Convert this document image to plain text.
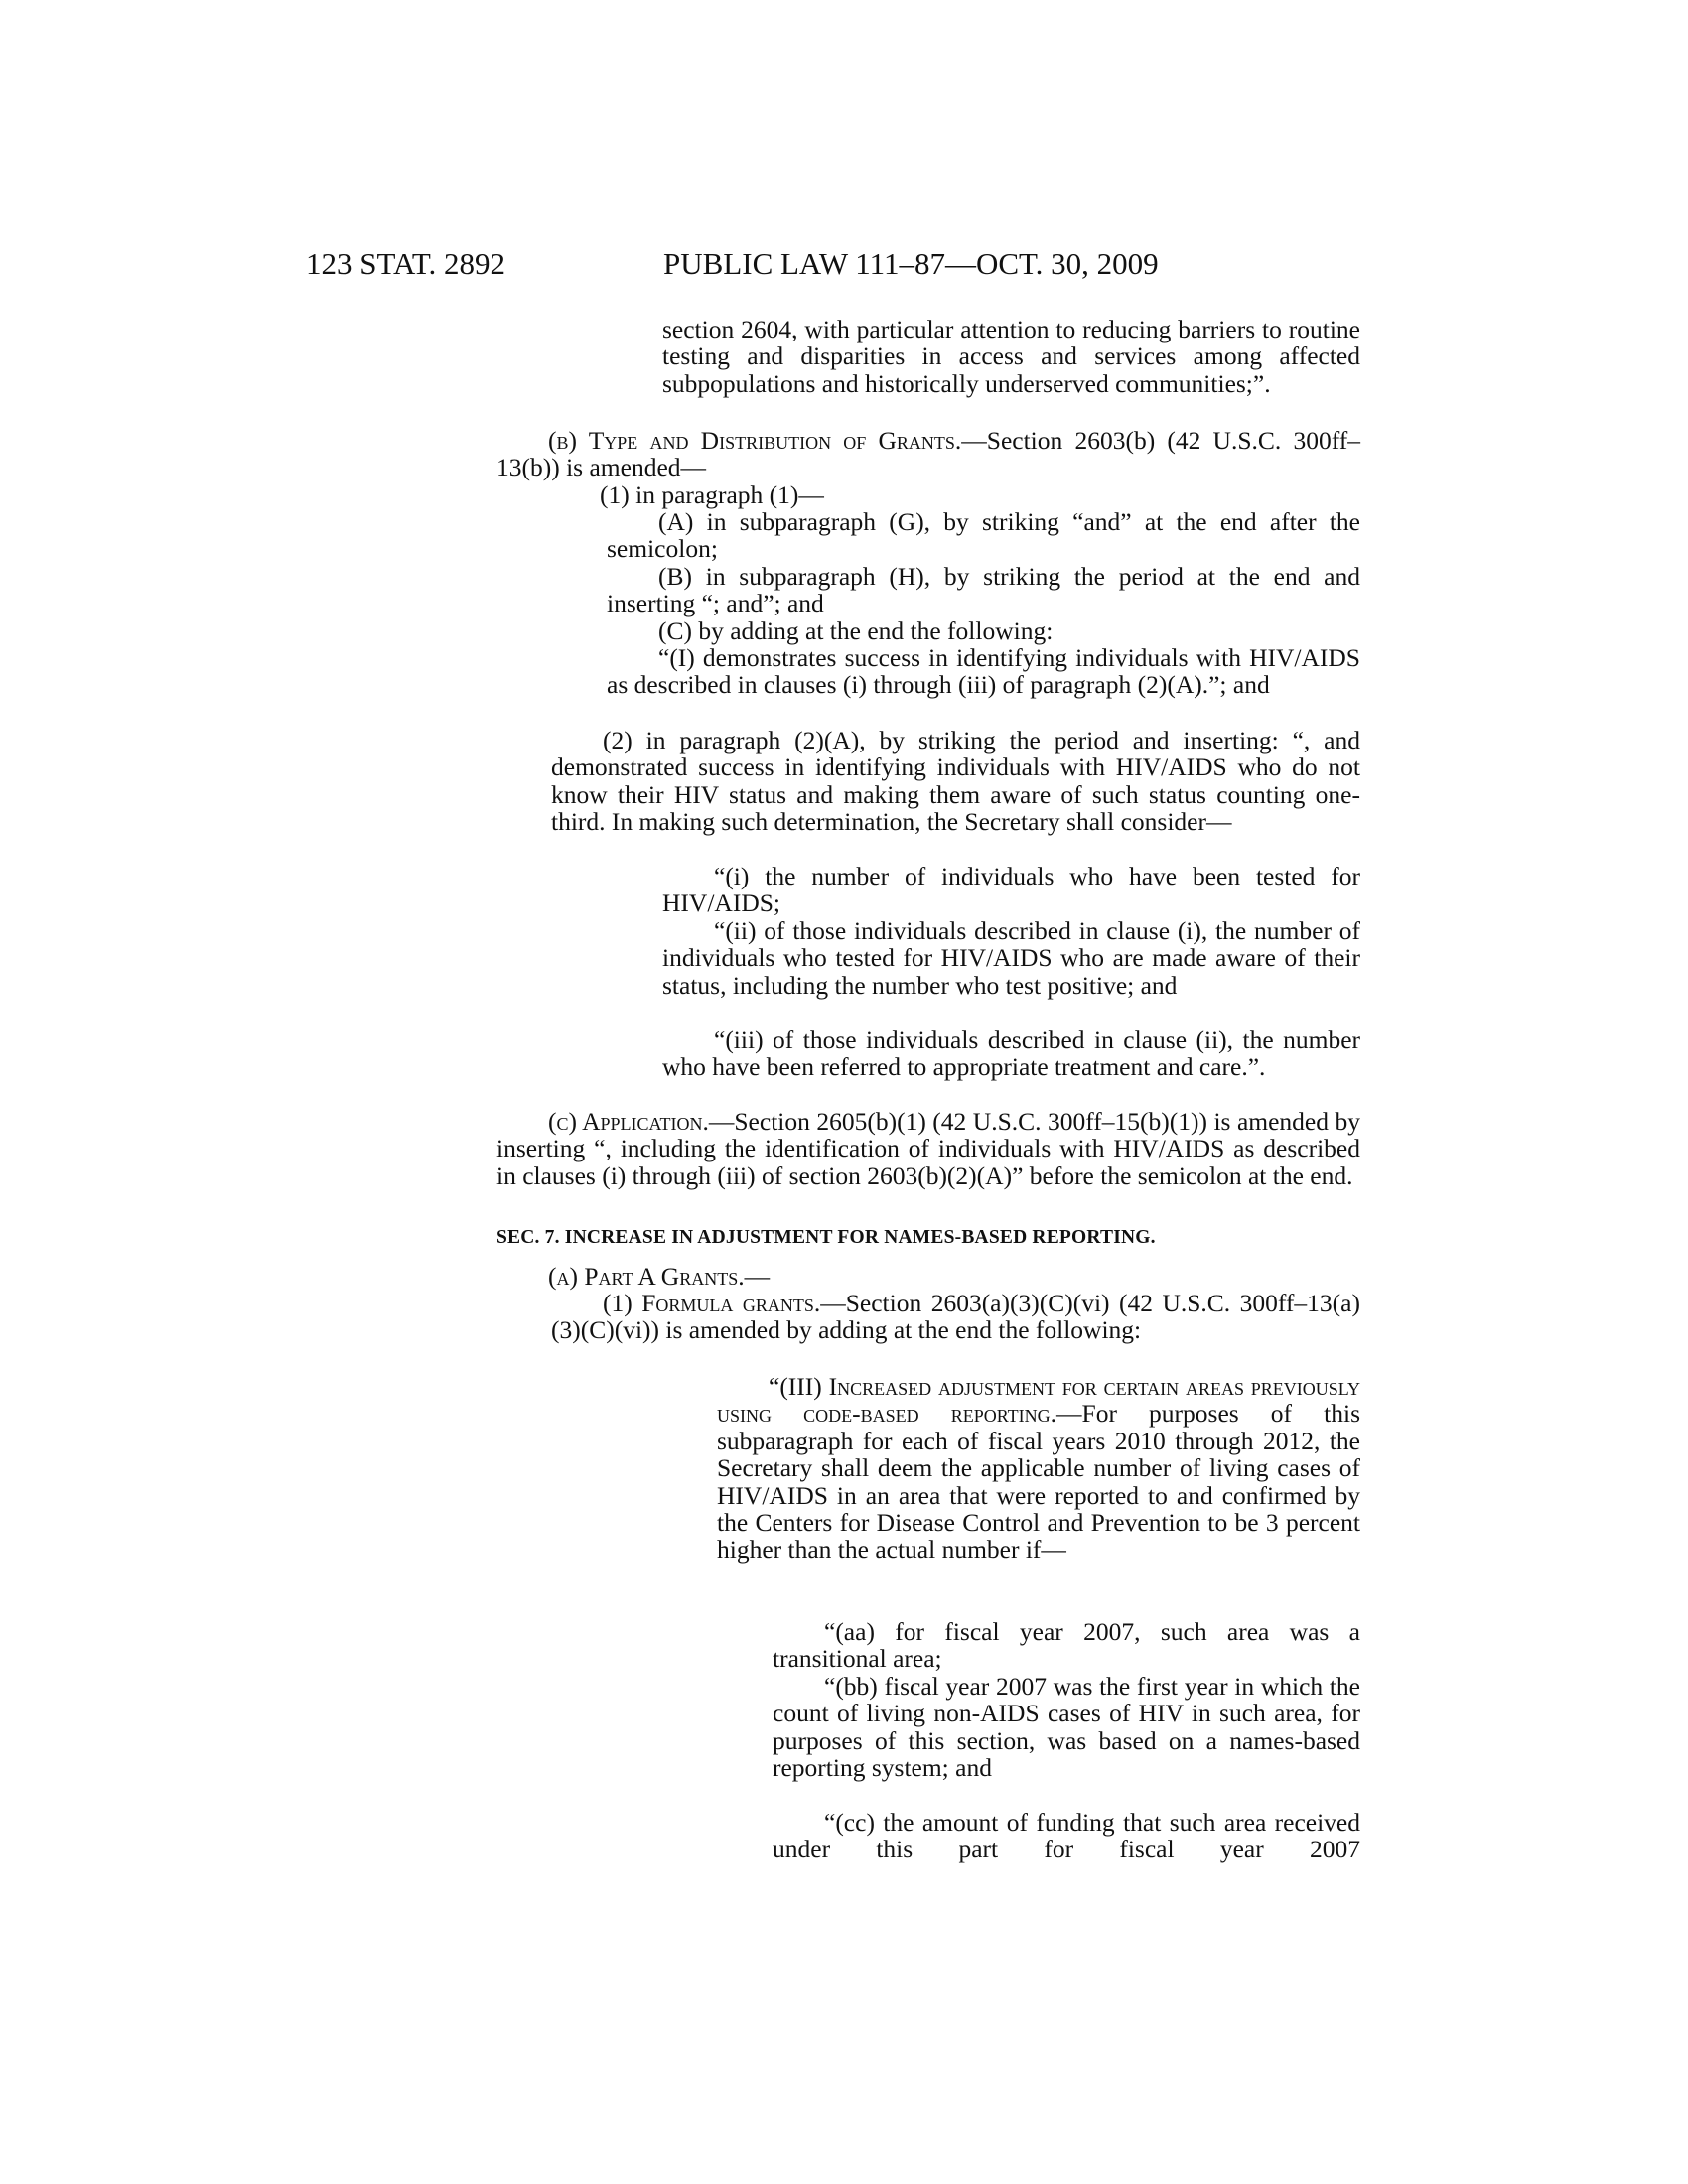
123 STAT. 2892	PUBLIC LAW 111–87—OCT. 30, 2009

section 2604, with particular attention to reducing barriers to routine testing and disparities in access and services among affected subpopulations and historically underserved communities;”.

(b) Type and Distribution of Grants.—Section 2603(b) (42 U.S.C. 300ff–13(b)) is amended—

(1) in paragraph (1)—

(A) in subparagraph (G), by striking “and” at the end after the semicolon;

(B) in subparagraph (H), by striking the period at the end and inserting “; and”; and

(C) by adding at the end the following:

“(I) demonstrates success in identifying individuals with HIV/AIDS as described in clauses (i) through (iii) of paragraph (2)(A).”; and

(2) in paragraph (2)(A), by striking the period and inserting: “, and demonstrated success in identifying individuals with HIV/AIDS who do not know their HIV status and making them aware of such status counting one-third. In making such determination, the Secretary shall consider—

“(i) the number of individuals who have been tested for HIV/AIDS;

“(ii) of those individuals described in clause (i), the number of individuals who tested for HIV/AIDS who are made aware of their status, including the number who test positive; and

“(iii) of those individuals described in clause (ii), the number who have been referred to appropriate treatment and care.”.

(c) Application.—Section 2605(b)(1) (42 U.S.C. 300ff–15(b)(1)) is amended by inserting “, including the identification of individuals with HIV/AIDS as described in clauses (i) through (iii) of section 2603(b)(2)(A)” before the semicolon at the end.

SEC. 7. INCREASE IN ADJUSTMENT FOR NAMES-BASED REPORTING.

(a) Part A Grants.—

(1) Formula grants.—Section 2603(a)(3)(C)(vi) (42 U.S.C. 300ff–13(a)(3)(C)(vi)) is amended by adding at the end the following:

“(III) Increased adjustment for certain areas previously using code-based reporting.—For purposes of this subparagraph for each of fiscal years 2010 through 2012, the Secretary shall deem the applicable number of living cases of HIV/AIDS in an area that were reported to and confirmed by the Centers for Disease Control and Prevention to be 3 percent higher than the actual number if—

“(aa) for fiscal year 2007, such area was a transitional area;

“(bb) fiscal year 2007 was the first year in which the count of living non-AIDS cases of HIV in such area, for purposes of this section, was based on a names-based reporting system; and

“(cc) the amount of funding that such area received under this part for fiscal year 2007
